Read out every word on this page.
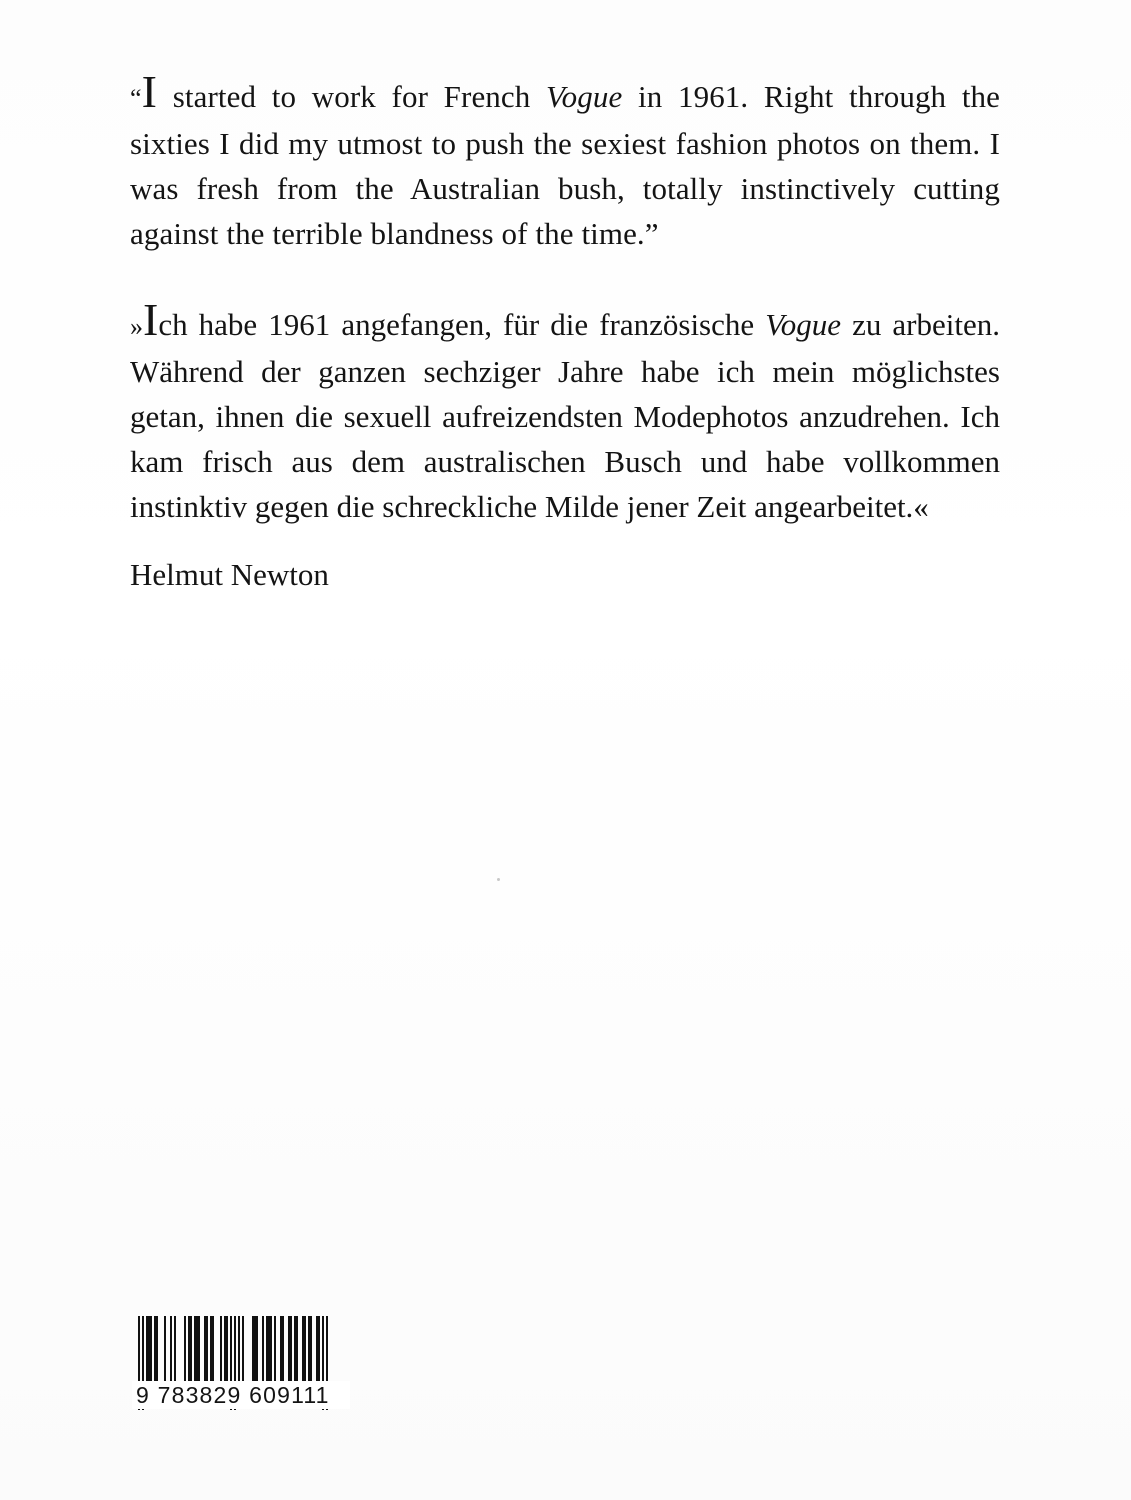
“I started to work for French Vogue in 1961. Right through the sixties I did my utmost to push the sexiest fashion photos on them. I was fresh from the Australian bush, totally instinctively cutting against the terrible blandness of the time.”

»Ich habe 1961 angefangen, für die französische Vogue zu arbeiten. Während der ganzen sechziger Jahre habe ich mein möglichstes getan, ihnen die sexuell aufreizendsten Modephotos anzudrehen. Ich kam frisch aus dem australischen Busch und habe vollkommen instinktiv gegen die schreckliche Milde jener Zeit angearbeitet.«

Helmut Newton

9 783829 609111
